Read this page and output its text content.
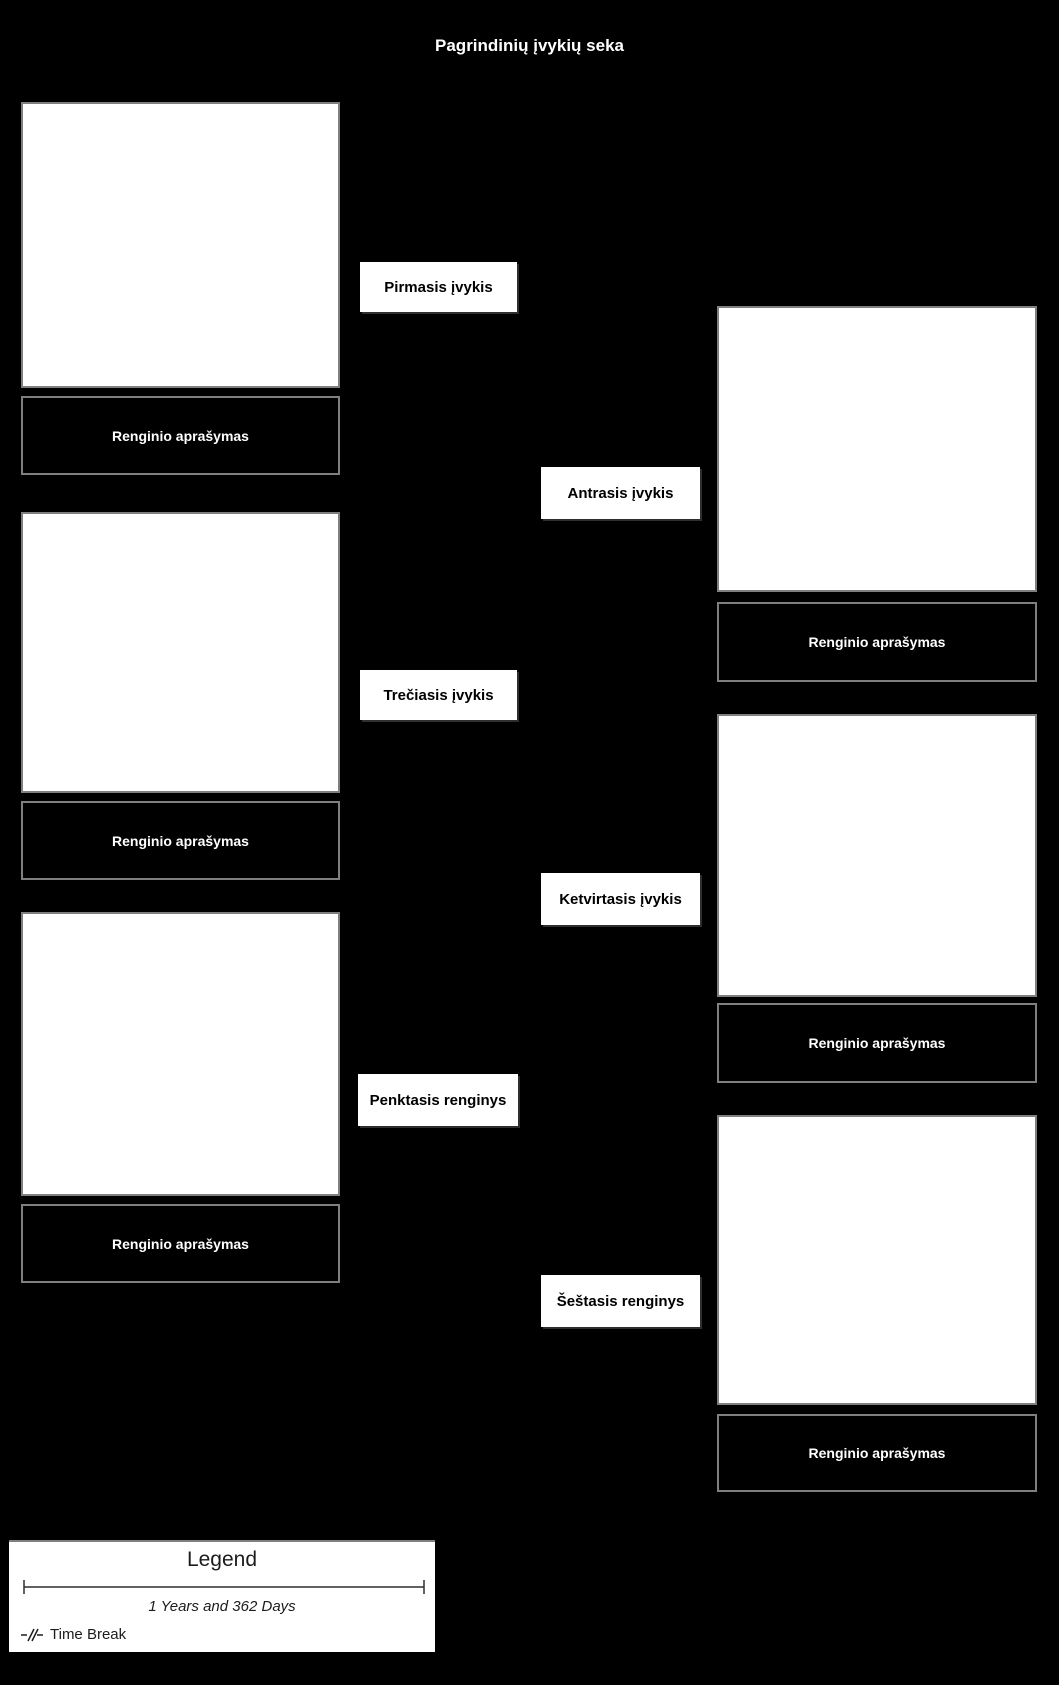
Pagrindinių įvykių seka
Renginio aprašymas
Pirmasis įvykis
Renginio aprašymas
Antrasis įvykis
Renginio aprašymas
Trečiasis įvykis
Renginio aprašymas
Ketvirtasis įvykis
Renginio aprašymas
Penktasis renginys
Renginio aprašymas
Šeštasis renginys
Legend
1 Years and 362 Days
Time Break
